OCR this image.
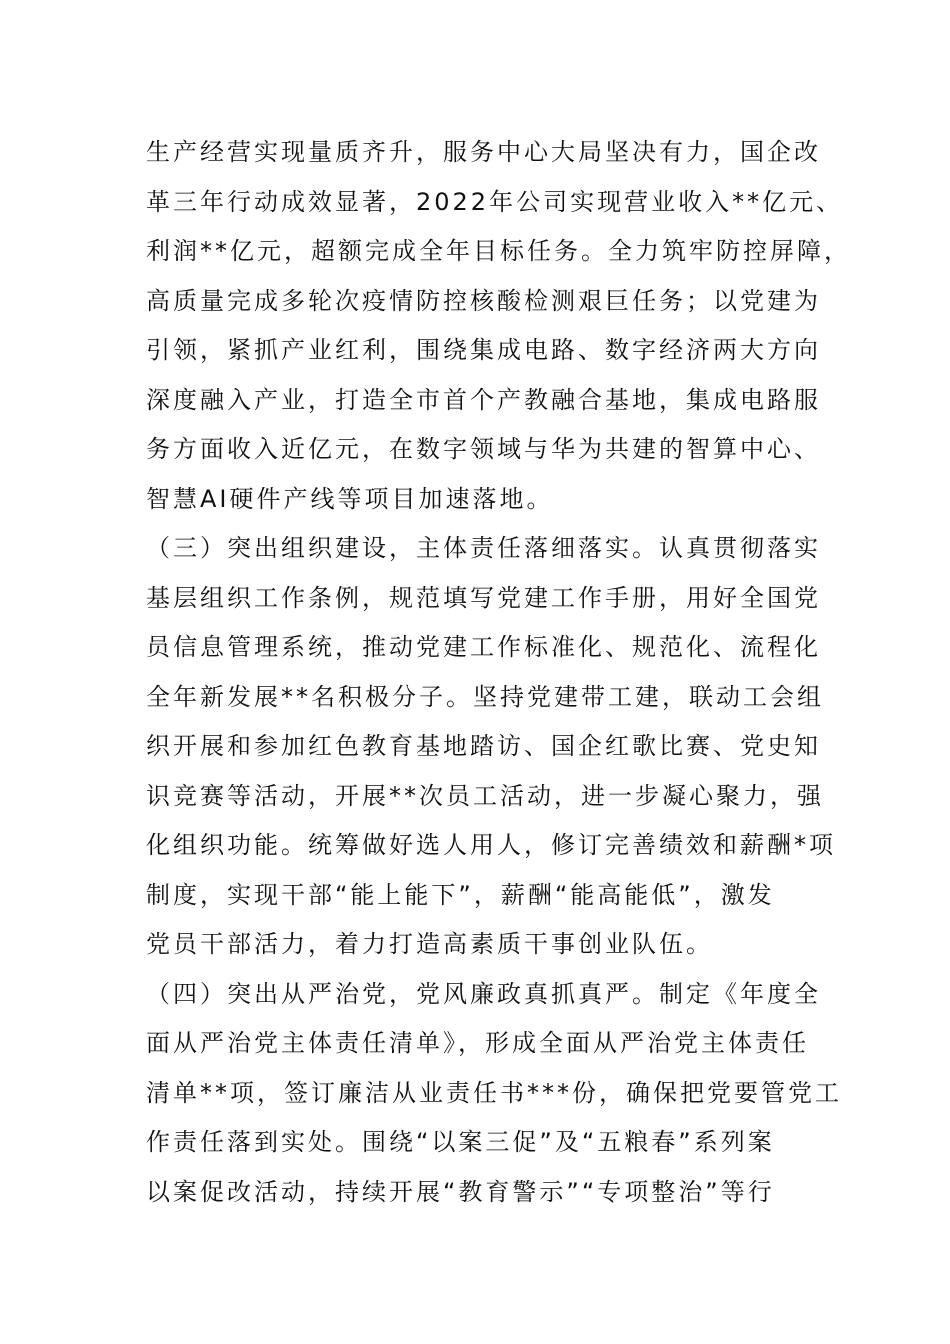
生产经营实现量质齐升，服务中心大局坚决有力，国企改
革三年行动成效显著，2022年公司实现营业收入**亿元、
利润**亿元，超额完成全年目标任务。全力筑牢防控屏障，
高质量完成多轮次疫情防控核酸检测艰巨任务；以党建为
引领，紧抓产业红利，围绕集成电路、数字经济两大方向
深度融入产业，打造全市首个产教融合基地，集成电路服
务方面收入近亿元，在数字领域与华为共建的智算中心、
智慧AI硬件产线等项目加速落地。
（三）突出组织建设，主体责任落细落实。认真贯彻落实
基层组织工作条例，规范填写党建工作手册，用好全国党
员信息管理系统，推动党建工作标准化、规范化、流程化
全年新发展**名积极分子。坚持党建带工建，联动工会组
织开展和参加红色教育基地踏访、国企红歌比赛、党史知
识竞赛等活动，开展**次员工活动，进一步凝心聚力，强
化组织功能。统筹做好选人用人，修订完善绩效和薪酬*项
制度，实现干部“能上能下”，薪酬“能高能低”，激发
党员干部活力，着力打造高素质干事创业队伍。
（四）突出从严治党，党风廉政真抓真严。制定《年度全
面从严治党主体责任清单》，形成全面从严治党主体责任
清单**项，签订廉洁从业责任书***份，确保把党要管党工
作责任落到实处。围绕“以案三促”及“五粮春”系列案
以案促改活动，持续开展“教育警示”“专项整治”等行
